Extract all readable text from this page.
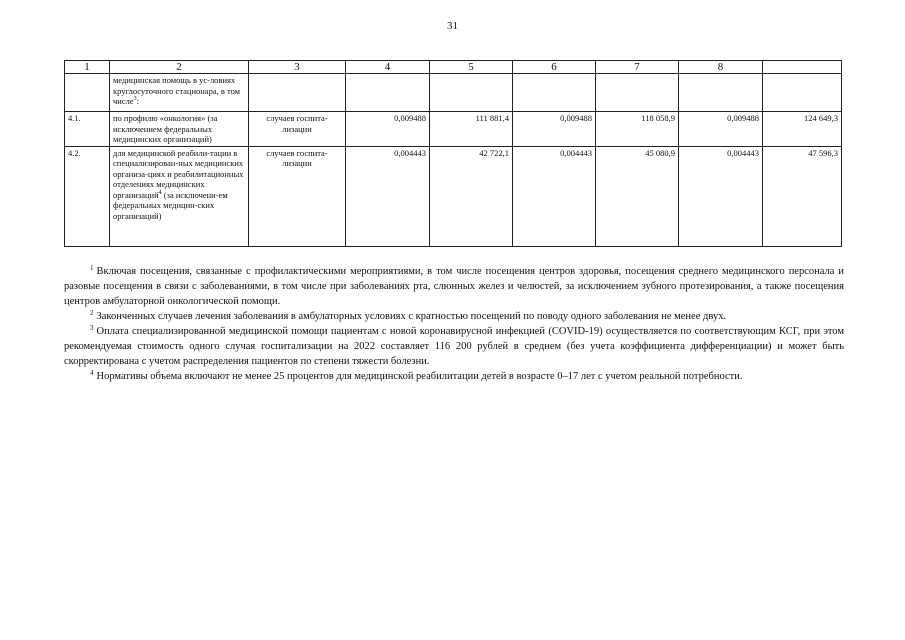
31
1	2	3	4	5	6	7	8	
	медицинская помощь в ус-ловиях круглосуточного стационара, в том числе$^3$:							
4.1.	по профилю «онкология» (за исключением федеральных медицинских организаций)	случаев госпита-лизации	0,009488	111 881,4	0,009488	118 058,9	0,009488	124 649,3
4.2.	для медицинской реабили-тации в специализирован-ных медицинских организа-циях и реабилитационных отделениях медицинских организаций$^4$ (за исключени-ем федеральных медицин-ских организаций)	случаев госпита-лизации	0,004443	42 722,1	0,004443	45 080,9	0,004443	47 596,3

$^1$ Включая посещения, связанные с профилактическими мероприятиями, в том числе посещения центров здоровья, посещения среднего медицинского персонала и разовые посещения в связи с заболеваниями, в том числе при заболеваниях рта, слюнных желез и челюстей, за исключением зубного протезирования, а также посещения центров амбулаторной онкологической помощи.

$^2$ Законченных случаев лечения заболевания в амбулаторных условиях с кратностью посещений по поводу одного заболевания не менее двух.

$^3$ Оплата специализированной медицинской помощи пациентам с новой коронавирусной инфекцией (COVID-19) осуществляется по соответствующим КСГ, при этом рекомендуемая стоимость одного случая госпитализации на 2022 составляет 116 200 рублей в среднем (без учета коэффициента дифференциации) и может быть скорректирована с учетом распределения пациентов по степени тяжести болезни.

$^4$ Нормативы объема включают не менее 25 процентов для медицинской реабилитации детей в возрасте 0–17 лет с учетом реальной потребности.
